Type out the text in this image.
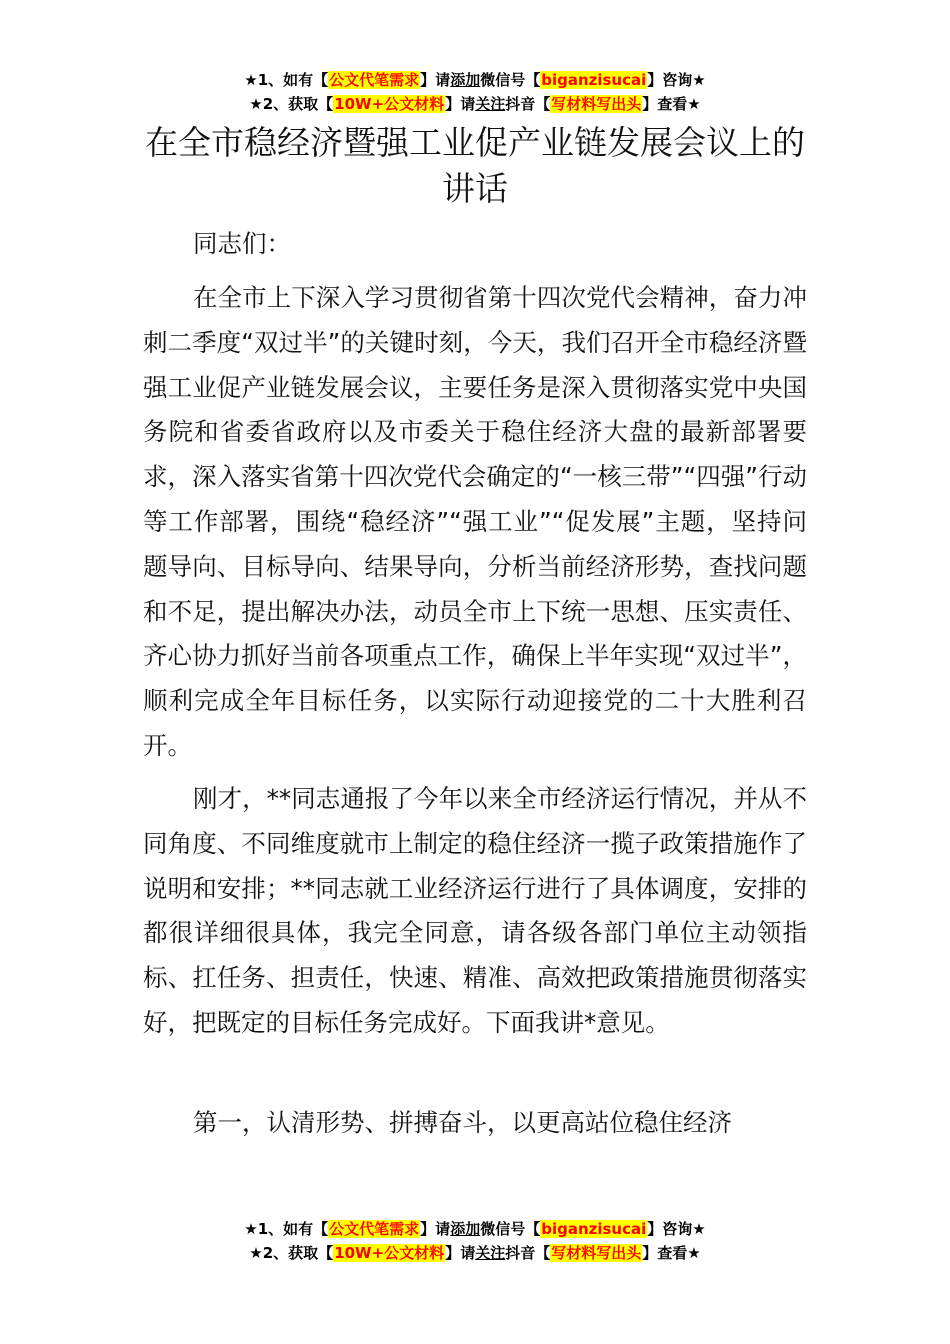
★1、如有【公文代笔需求】请添加微信号【biganzisucai】咨询★
★2、获取【10W+公文材料】请关注抖音【写材料写出头】查看★
在全市稳经济暨强工业促产业链发展会议上的讲话

同志们：

在全市上下深入学习贯彻省第十四次党代会精神，奋力冲刺二季度“双过半”的关键时刻，今天，我们召开全市稳经济暨强工业促产业链发展会议，主要任务是深入贯彻落实党中央国务院和省委省政府以及市委关于稳住经济大盘的最新部署要求，深入落实省第十四次党代会确定的“一核三带”“四强”行动等工作部署，围绕“稳经济”“强工业”“促发展”主题，坚持问题导向、目标导向、结果导向，分析当前经济形势，查找问题和不足，提出解决办法，动员全市上下统一思想、压实责任、齐心协力抓好当前各项重点工作，确保上半年实现“双过半”，顺利完成全年目标任务，以实际行动迎接党的二十大胜利召开。

刚才，**同志通报了今年以来全市经济运行情况，并从不同角度、不同维度就市上制定的稳住经济一揽子政策措施作了说明和安排；**同志就工业经济运行进行了具体调度，安排的都很详细很具体，我完全同意，请各级各部门单位主动领指标、扛任务、担责任，快速、精准、高效把政策措施贯彻落实好，把既定的目标任务完成好。下面我讲*意见。

第一，认清形势、拼搏奋斗，以更高站位稳住经济

★1、如有【公文代笔需求】请添加微信号【biganzisucai】咨询★
★2、获取【10W+公文材料】请关注抖音【写材料写出头】查看★
